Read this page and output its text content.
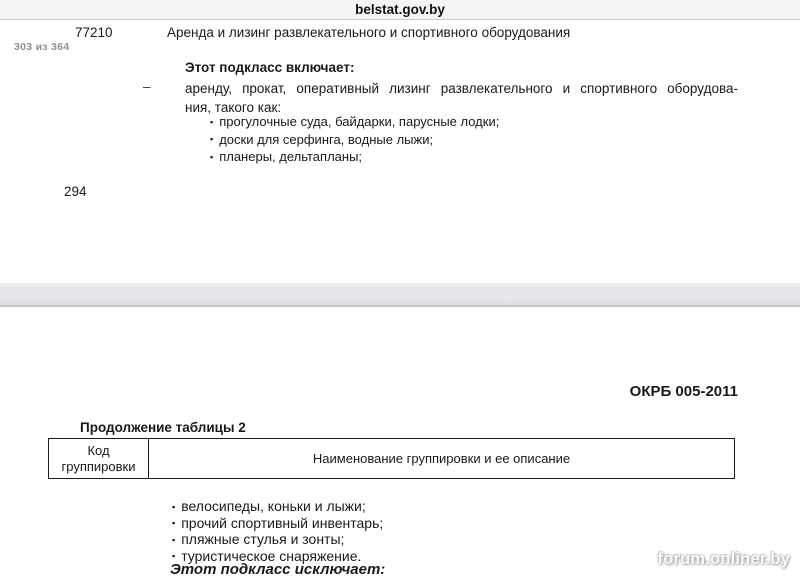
belstat.gov.by
303 из 364
77210	Аренда и лизинг развлекательного и спортивного оборудования
Этот подкласс включает:
–	аренду, прокат, оперативный лизинг развлекательного и спортивного оборудова-
ния, такого как:
▪ прогулочные суда, байдарки, парусные лодки;
▪ доски для серфинга, водные лыжи;
▪ планеры, дельтапланы;
294
ОКРБ 005-2011
Продолжение таблицы 2
Код группировки	Наименование группировки и ее описание
▪ велосипеды, коньки и лыжи;
▪ прочий спортивный инвентарь;
▪ пляжные стулья и зонты;
▪ туристическое снаряжение.
Этот подкласс исключает:
forum.onliner.by
